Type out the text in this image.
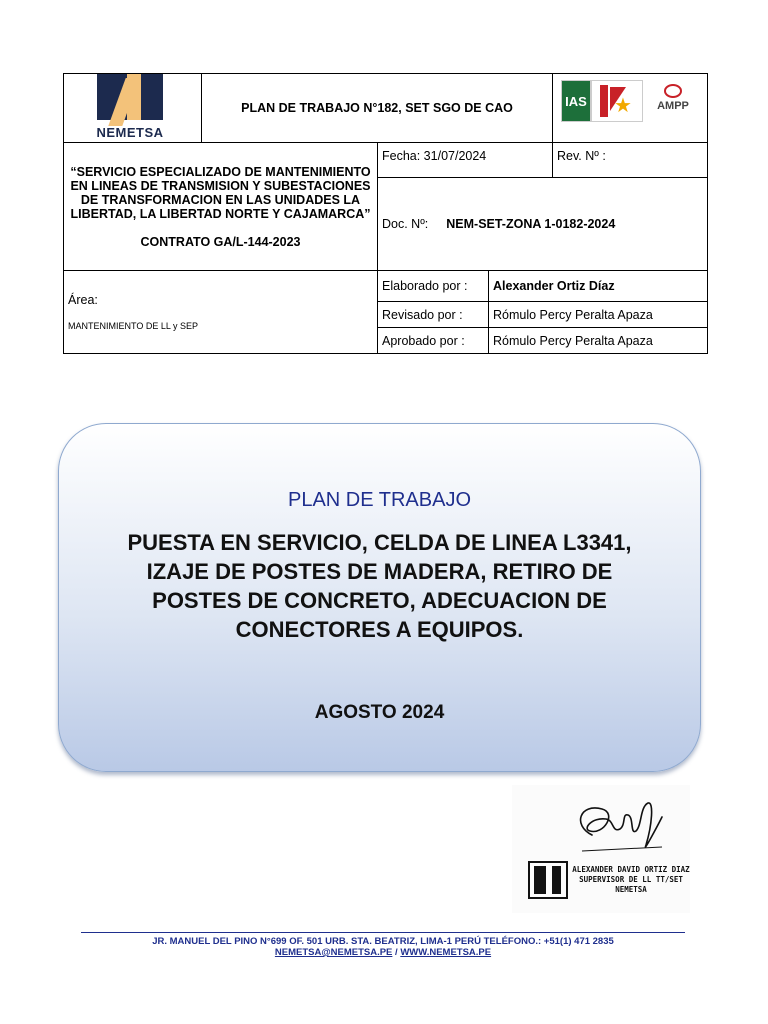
NEMETSA	PLAN DE TRABAJO N°182, SET SGO DE CAO			IAS ★ AMPP

“SERVICIO ESPECIALIZADO DE MANTENIMIENTO EN LINEAS DE TRANSMISION Y SUBESTACIONES DE TRANSFORMACION EN LAS UNIDADES LA LIBERTAD, LA LIBERTAD NORTE Y CAJAMARCA”

CONTRATO GA/L-144-2023		Fecha: 31/07/2024		Rev. Nº :
		Doc. Nº: NEM-SET-ZONA 1-0182-2024		

Área:
MANTENIMIENTO DE LL y SEP		Elaborado por :	Alexander Ortiz Díaz	
		Revisado por :	Rómulo Percy Peralta Apaza	
		Aprobado por :	Rómulo Percy Peralta Apaza	
PLAN DE TRABAJO
PUESTA EN SERVICIO, CELDA DE LINEA L3341, IZAJE DE POSTES DE MADERA, RETIRO DE POSTES DE CONCRETO, ADECUACION DE CONECTORES A EQUIPOS.
AGOSTO 2024
ALEXANDER DAVID ORTIZ DIAZ
SUPERVISOR DE LL TT/SET
NEMETSA
JR. MANUEL DEL PINO N°699 OF. 501 URB. STA. BEATRIZ, LIMA-1 PERÚ TELÉFONO.: +51(1) 471 2835
NEMETSA@NEMETSA.PE / WWW.NEMETSA.PE
